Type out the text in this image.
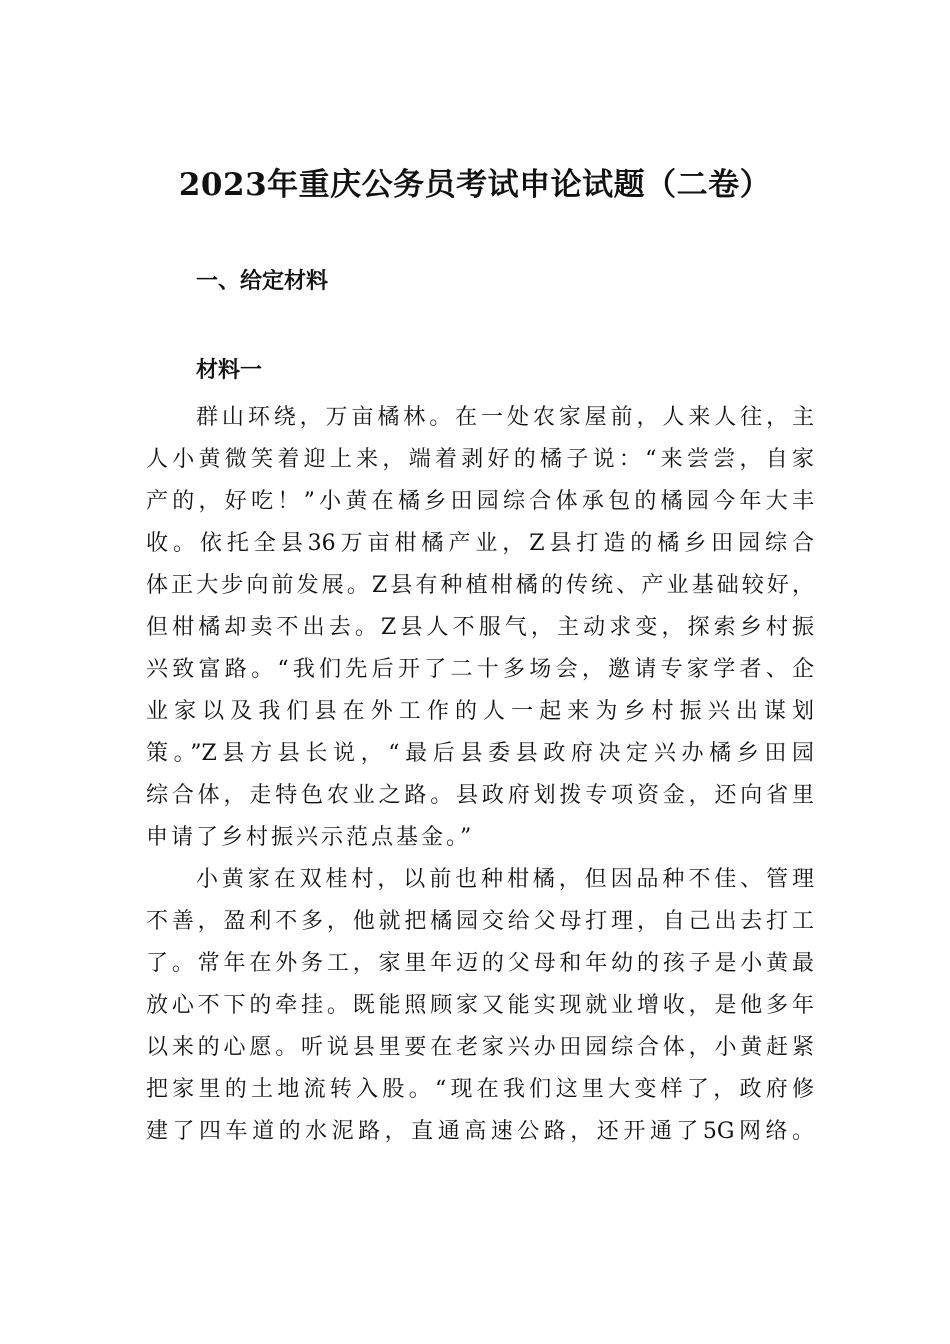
2023年重庆公务员考试申论试题（二卷）
一、给定材料
材料一
群山环绕，万亩橘林。在一处农家屋前，人来人往，主
人小黄微笑着迎上来，端着剥好的橘子说：“来尝尝，自家
产的，好吃！”小黄在橘乡田园综合体承包的橘园今年大丰
收。依托全县36万亩柑橘产业，Z县打造的橘乡田园综合
体正大步向前发展。Z县有种植柑橘的传统、产业基础较好，
但柑橘却卖不出去。Z县人不服气，主动求变，探索乡村振
兴致富路。“我们先后开了二十多场会，邀请专家学者、企
业家以及我们县在外工作的人一起来为乡村振兴出谋划
策。”Z县方县长说，“最后县委县政府决定兴办橘乡田园
综合体，走特色农业之路。县政府划拨专项资金，还向省里
申请了乡村振兴示范点基金。”
小黄家在双桂村，以前也种柑橘，但因品种不佳、管理
不善，盈利不多，他就把橘园交给父母打理，自己出去打工
了。常年在外务工，家里年迈的父母和年幼的孩子是小黄最
放心不下的牵挂。既能照顾家又能实现就业增收，是他多年
以来的心愿。听说县里要在老家兴办田园综合体，小黄赶紧
把家里的土地流转入股。“现在我们这里大变样了，政府修
建了四车道的水泥路，直通高速公路，还开通了5G网络。
